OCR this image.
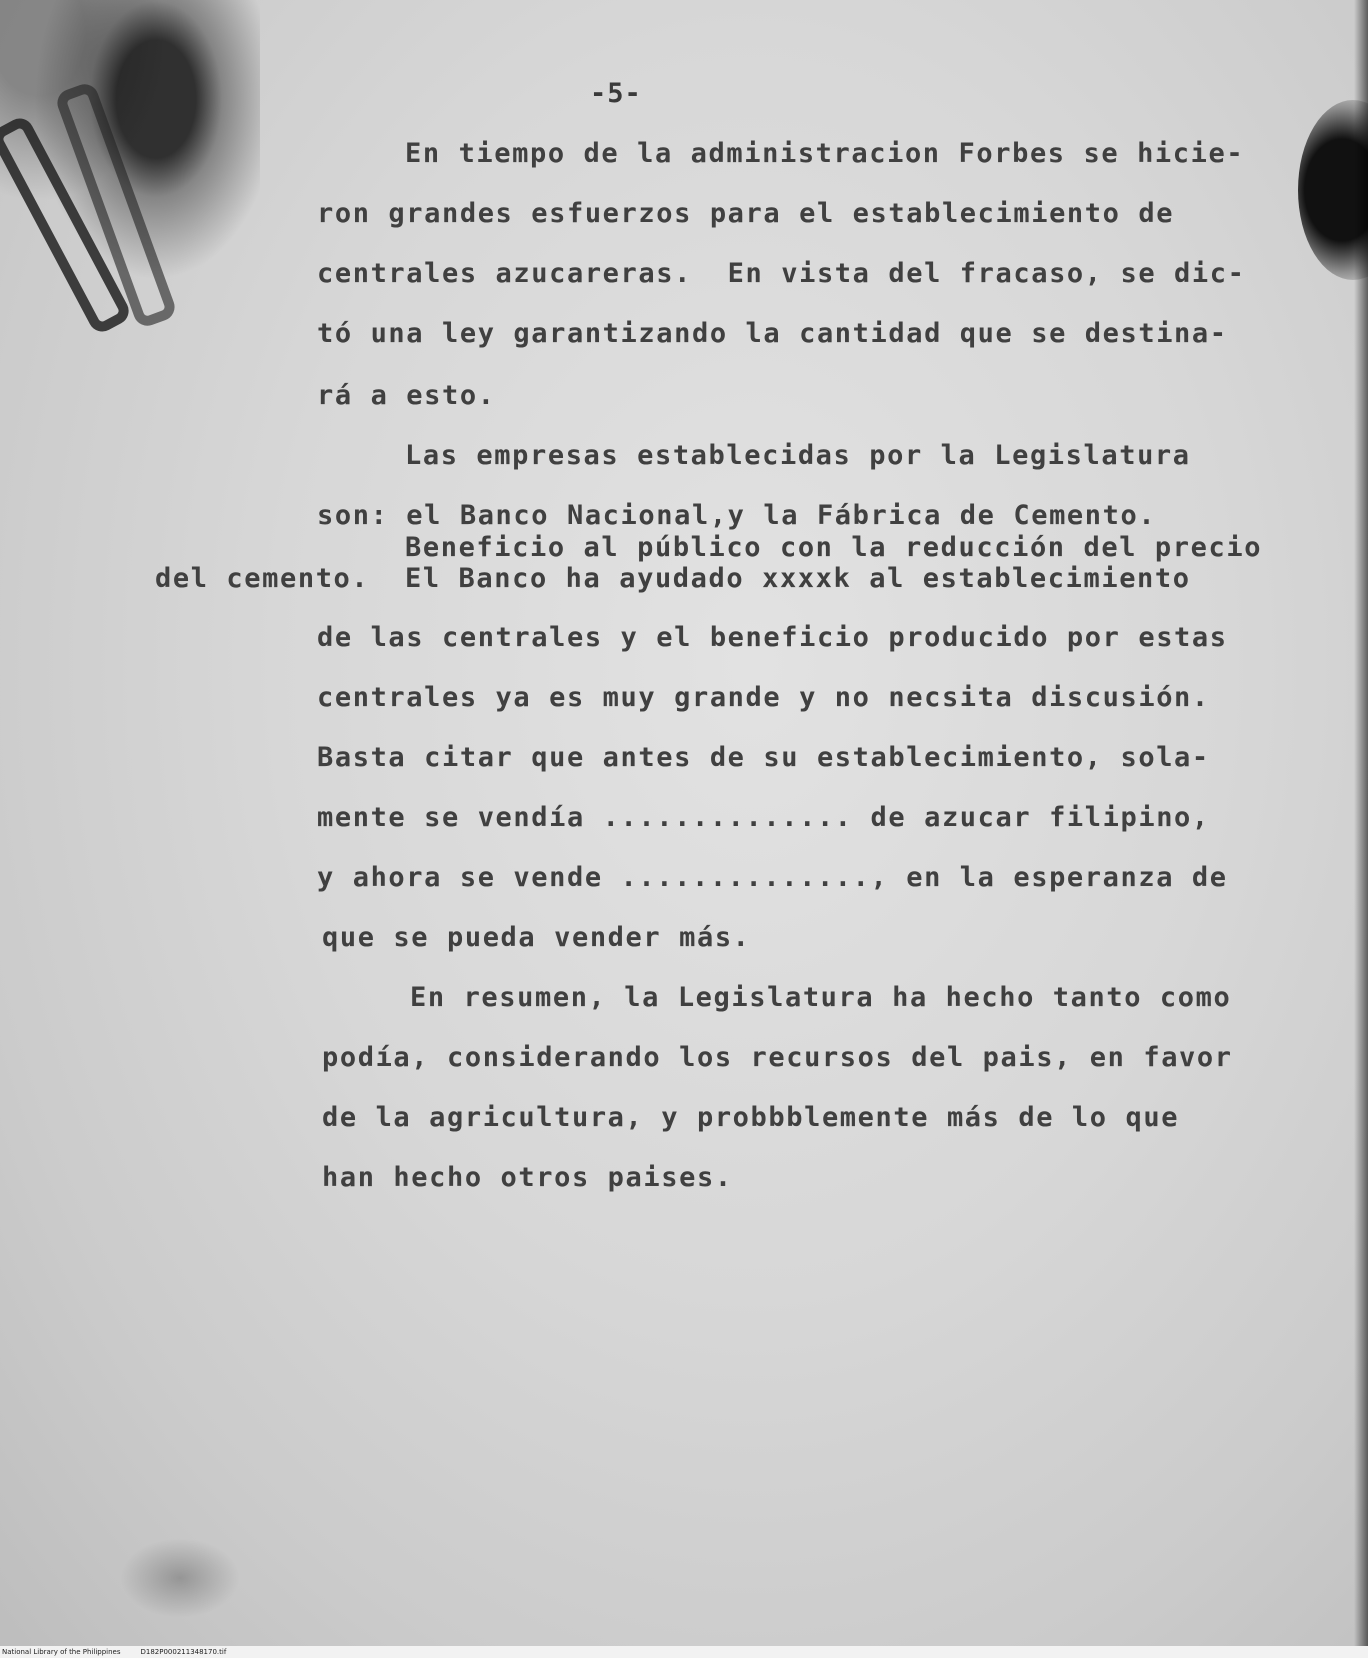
-5-
En tiempo de la administracion Forbes se hicie-
ron grandes esfuerzos para el establecimiento de
centrales azucareras.  En vista del fracaso, se dic-
tó una ley garantizando la cantidad que se destina-
rá a esto.
Las empresas establecidas por la Legislatura
son: el Banco Nacional,y la Fábrica de Cemento.
Beneficio al público con la reducción del precio
del cemento.  El Banco ha ayudado xxxxk al establecimiento
de las centrales y el beneficio producido por estas
centrales ya es muy grande y no necsita discusión.
Basta citar que antes de su establecimiento, sola-
mente se vendía .............. de azucar filipino,
y ahora se vende .............., en la esperanza de
que se pueda vender más.
En resumen, la Legislatura ha hecho tanto como
podía, considerando los recursos del pais, en favor
de la agricultura, y probbblemente más de lo que
han hecho otros paises.
National Library of the Philippines	D182P000211348170.tif
